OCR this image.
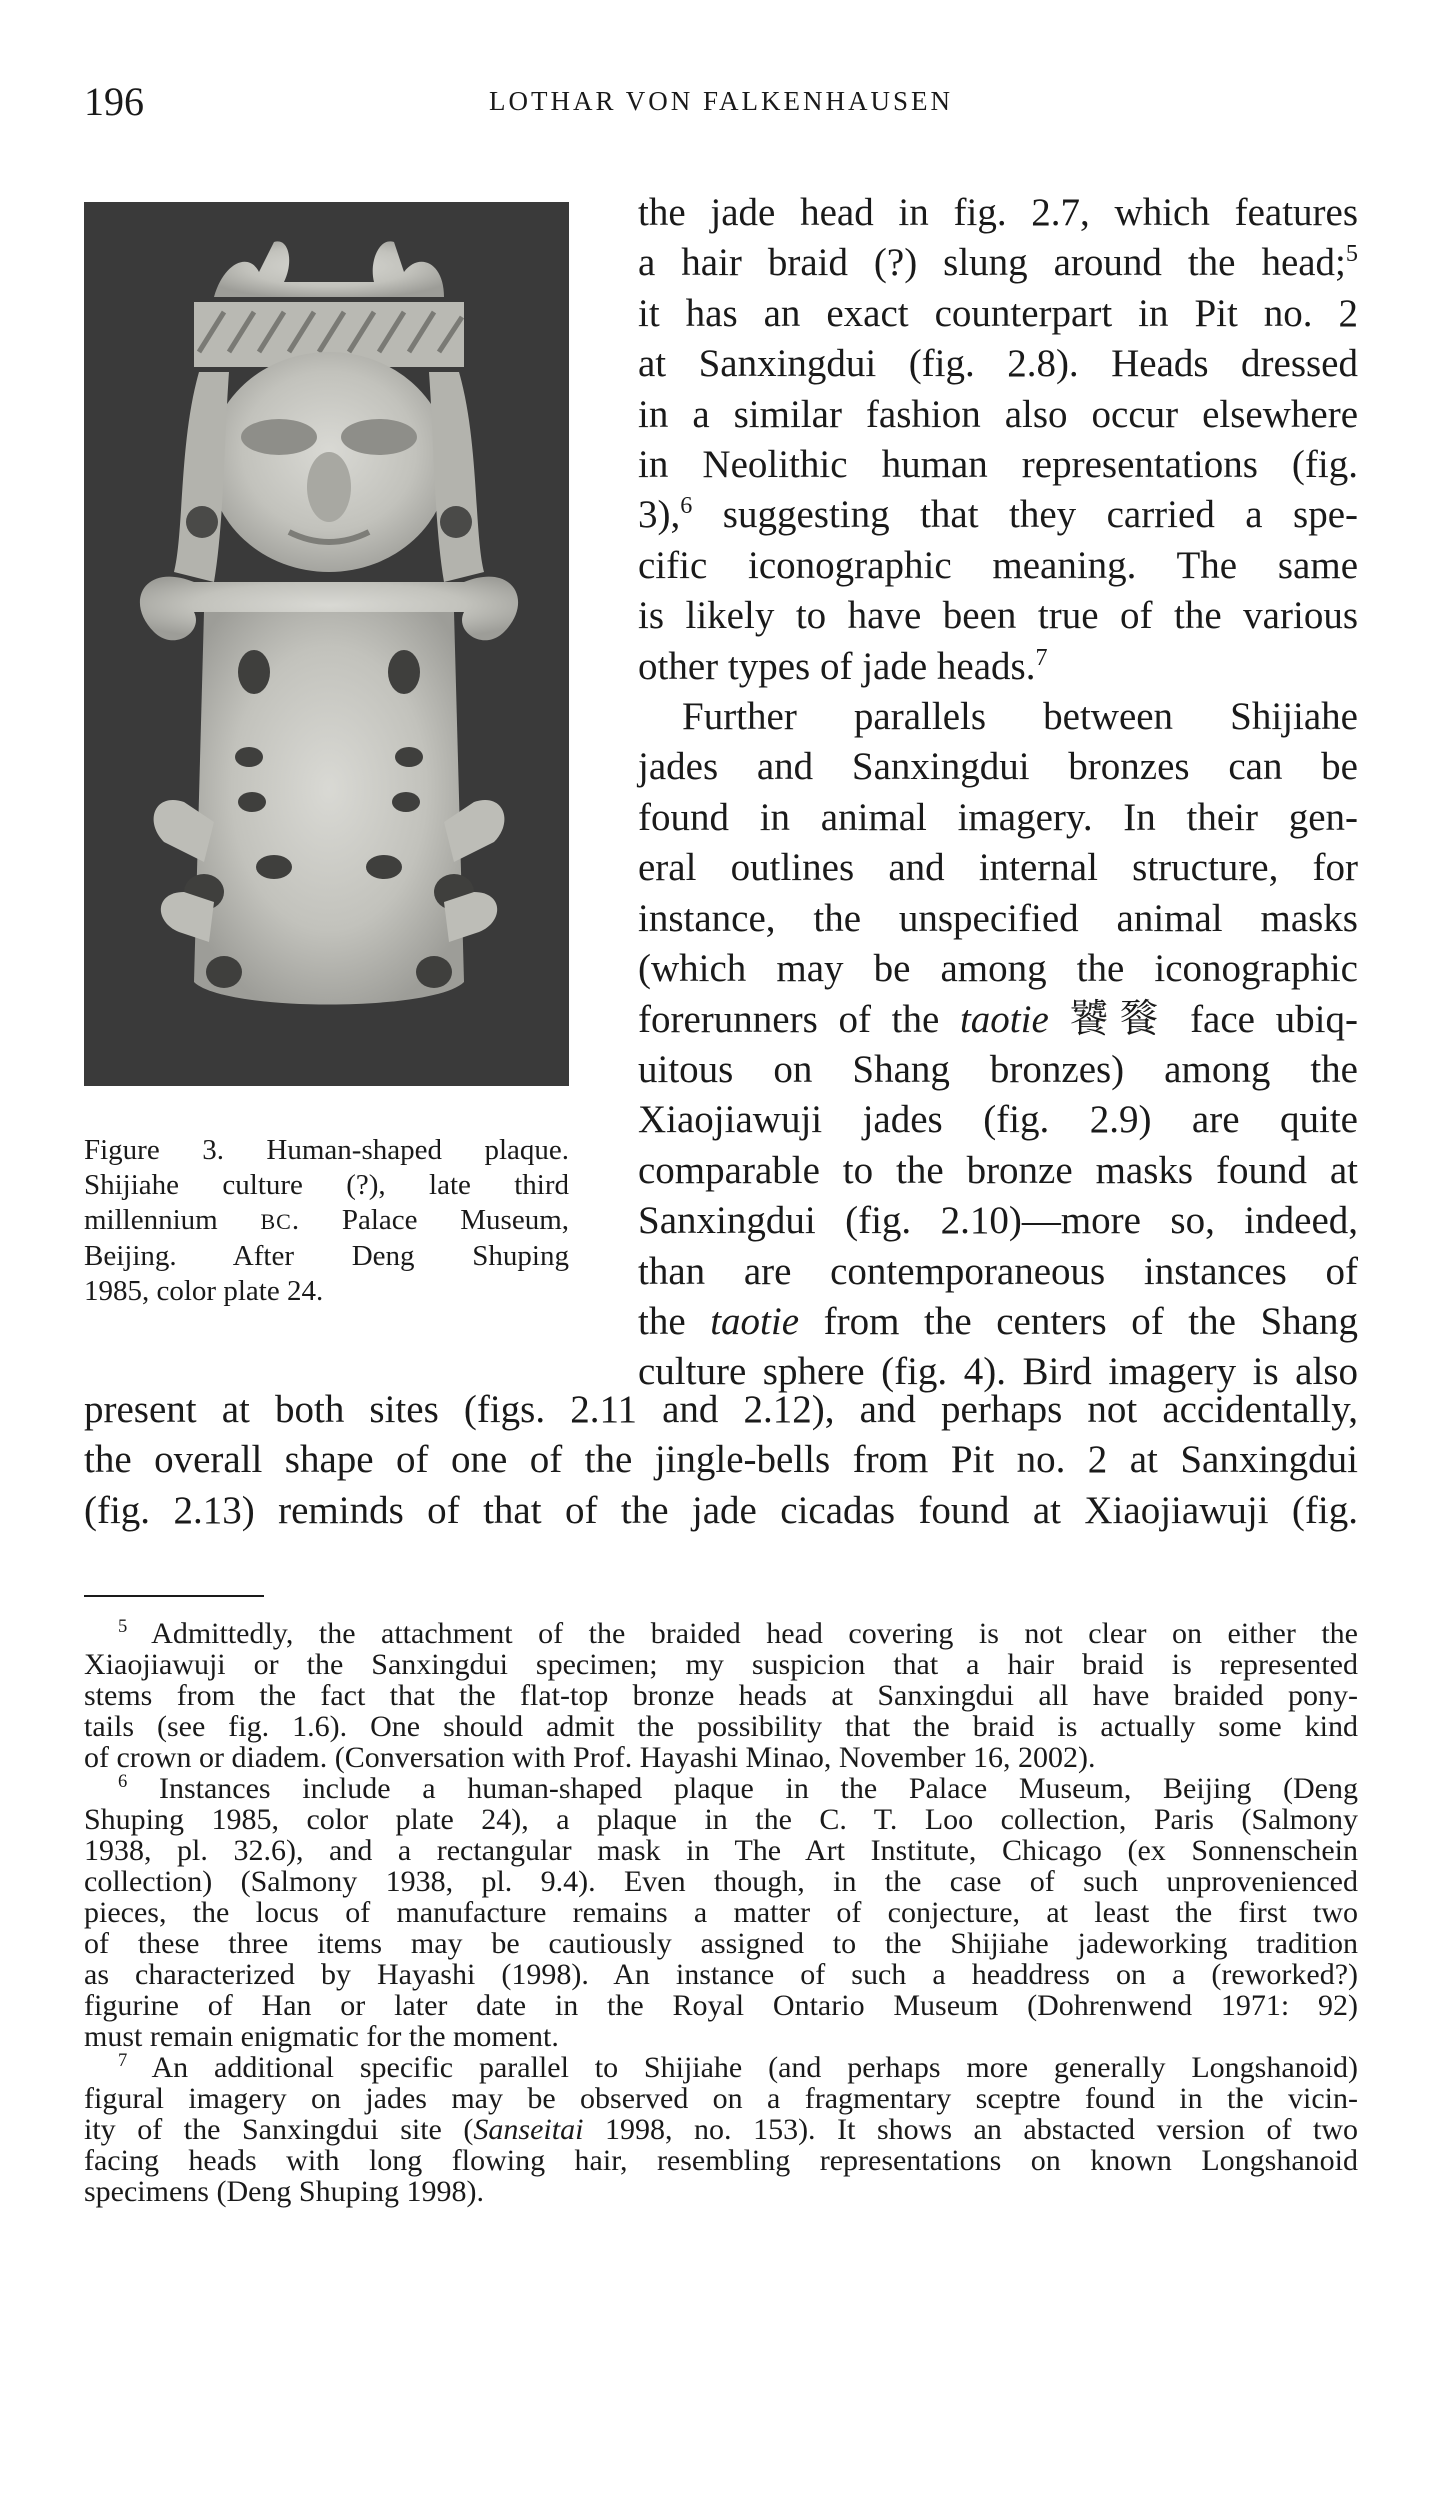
196	LOTHAR VON FALKENHAUSEN
Figure 3. Human-shaped plaque.
Shijiahe culture (?), late third
millennium BC. Palace Museum,
Beijing. After Deng Shuping
1985, color plate 24.
the jade head in fig. 2.7, which features
a hair braid (?) slung around the head;$^5$
it has an exact counterpart in Pit no. 2
at Sanxingdui (fig. 2.8). Heads dressed
in a similar fashion also occur elsewhere
in Neolithic human representations (fig.
3),$^6$ suggesting that they carried a spe-
cific iconographic meaning. The same
is likely to have been true of the various
other types of jade heads.$^7$
Further parallels between Shijiahe
jades and Sanxingdui bronzes can be
found in animal imagery. In their gen-
eral outlines and internal structure, for
instance, the unspecified animal masks
(which may be among the iconographic
forerunners of the taotie 饕餮 face ubiq-
uitous on Shang bronzes) among the
Xiaojiawuji jades (fig. 2.9) are quite
comparable to the bronze masks found at
Sanxingdui (fig. 2.10)—more so, indeed,
than are contemporaneous instances of
the taotie from the centers of the Shang
culture sphere (fig. 4). Bird imagery is also
present at both sites (figs. 2.11 and 2.12), and perhaps not accidentally,
the overall shape of one of the jingle-bells from Pit no. 2 at Sanxingdui
(fig. 2.13) reminds of that of the jade cicadas found at Xiaojiawuji (fig.
$^5$ Admittedly, the attachment of the braided head covering is not clear on either the
Xiaojiawuji or the Sanxingdui specimen; my suspicion that a hair braid is represented
stems from the fact that the flat-top bronze heads at Sanxingdui all have braided pony-
tails (see fig. 1.6). One should admit the possibility that the braid is actually some kind
of crown or diadem. (Conversation with Prof. Hayashi Minao, November 16, 2002).
$^6$ Instances include a human-shaped plaque in the Palace Museum, Beijing (Deng
Shuping 1985, color plate 24), a plaque in the C. T. Loo collection, Paris (Salmony
1938, pl. 32.6), and a rectangular mask in The Art Institute, Chicago (ex Sonnenschein
collection) (Salmony 1938, pl. 9.4). Even though, in the case of such unprovenienced
pieces, the locus of manufacture remains a matter of conjecture, at least the first two
of these three items may be cautiously assigned to the Shijiahe jadeworking tradition
as characterized by Hayashi (1998). An instance of such a headdress on a (reworked?)
figurine of Han or later date in the Royal Ontario Museum (Dohrenwend 1971: 92)
must remain enigmatic for the moment.
$^7$ An additional specific parallel to Shijiahe (and perhaps more generally Longshanoid)
figural imagery on jades may be observed on a fragmentary sceptre found in the vicin-
ity of the Sanxingdui site (Sanseitai 1998, no. 153). It shows an abstacted version of two
facing heads with long flowing hair, resembling representations on known Longshanoid
specimens (Deng Shuping 1998).
